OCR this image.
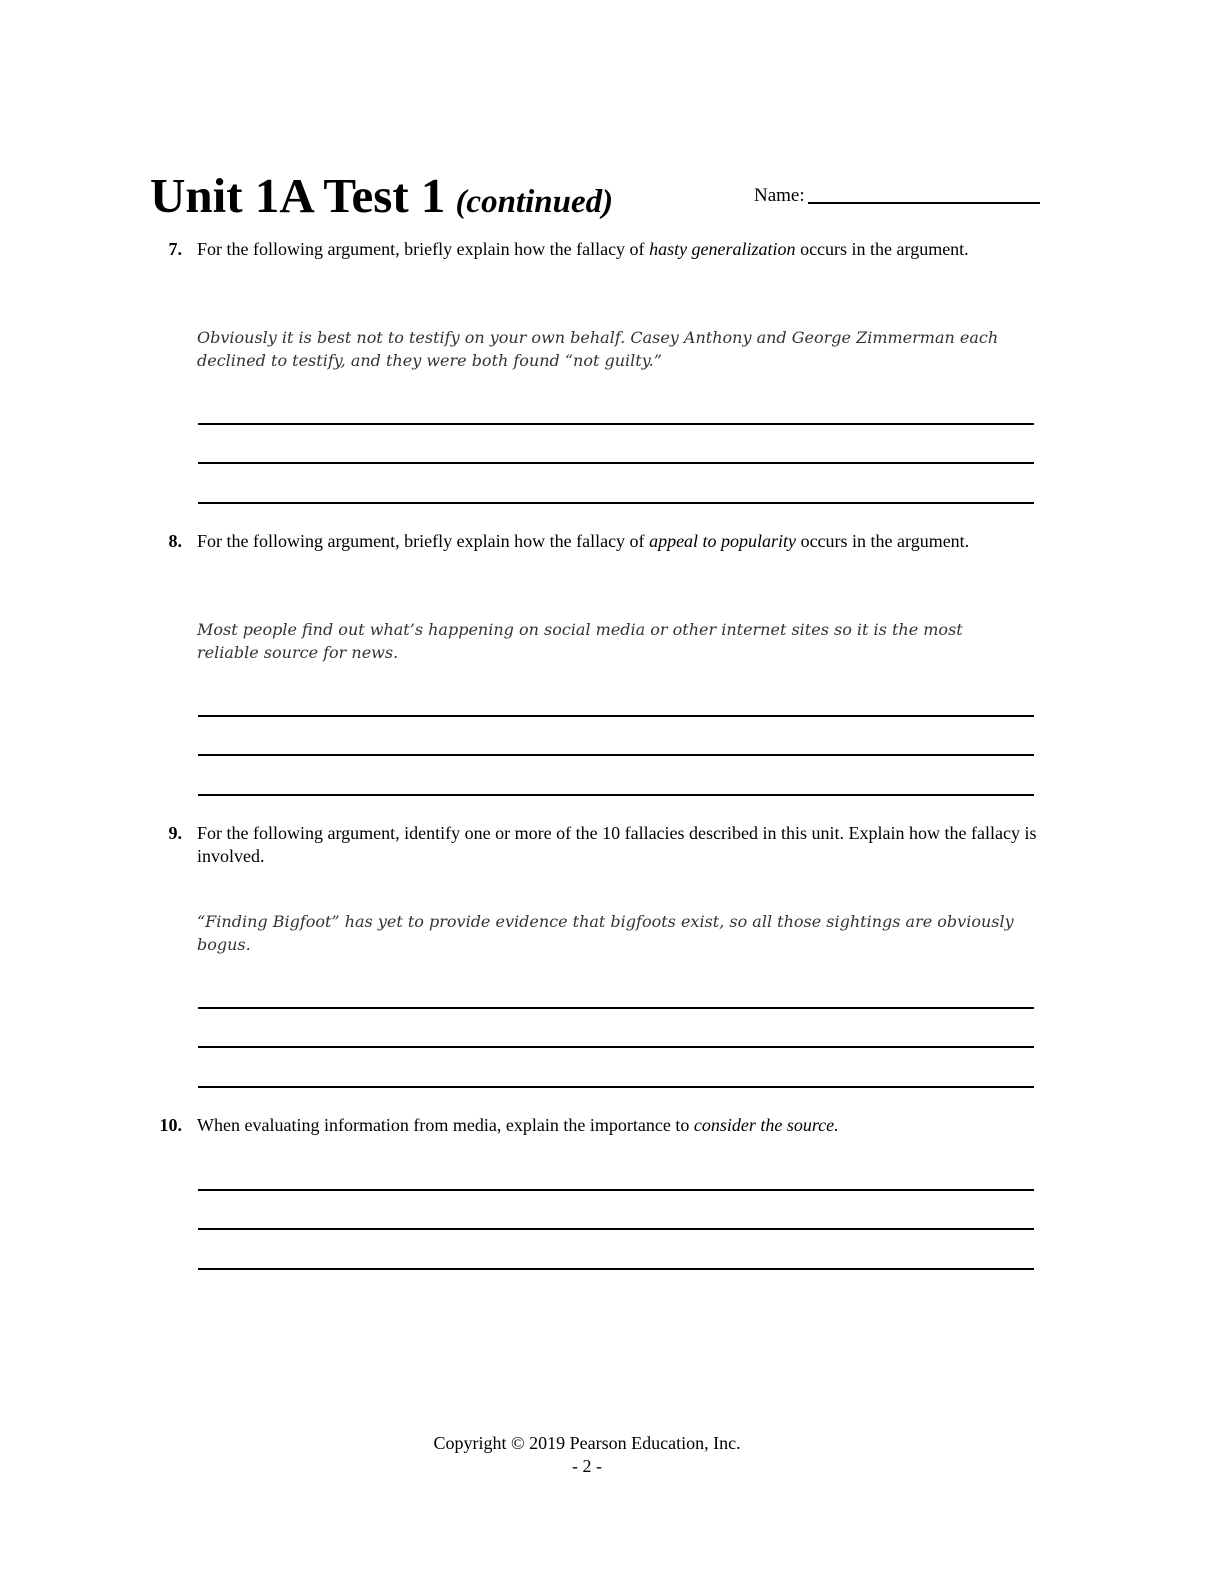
Unit 1A Test 1 (continued)	Name:
7. For the following argument, briefly explain how the fallacy of hasty generalization occurs in the argument.
Obviously it is best not to testify on your own behalf. Casey Anthony and George Zimmerman each declined to testify, and they were both found “not guilty.”
8. For the following argument, briefly explain how the fallacy of appeal to popularity occurs in the argument.
Most people find out what’s happening on social media or other internet sites so it is the most reliable source for news.
9. For the following argument, identify one or more of the 10 fallacies described in this unit. Explain how the fallacy is involved.
“Finding Bigfoot” has yet to provide evidence that bigfoots exist, so all those sightings are obviously bogus.
10. When evaluating information from media, explain the importance to consider the source.
Copyright © 2019 Pearson Education, Inc.
- 2 -
